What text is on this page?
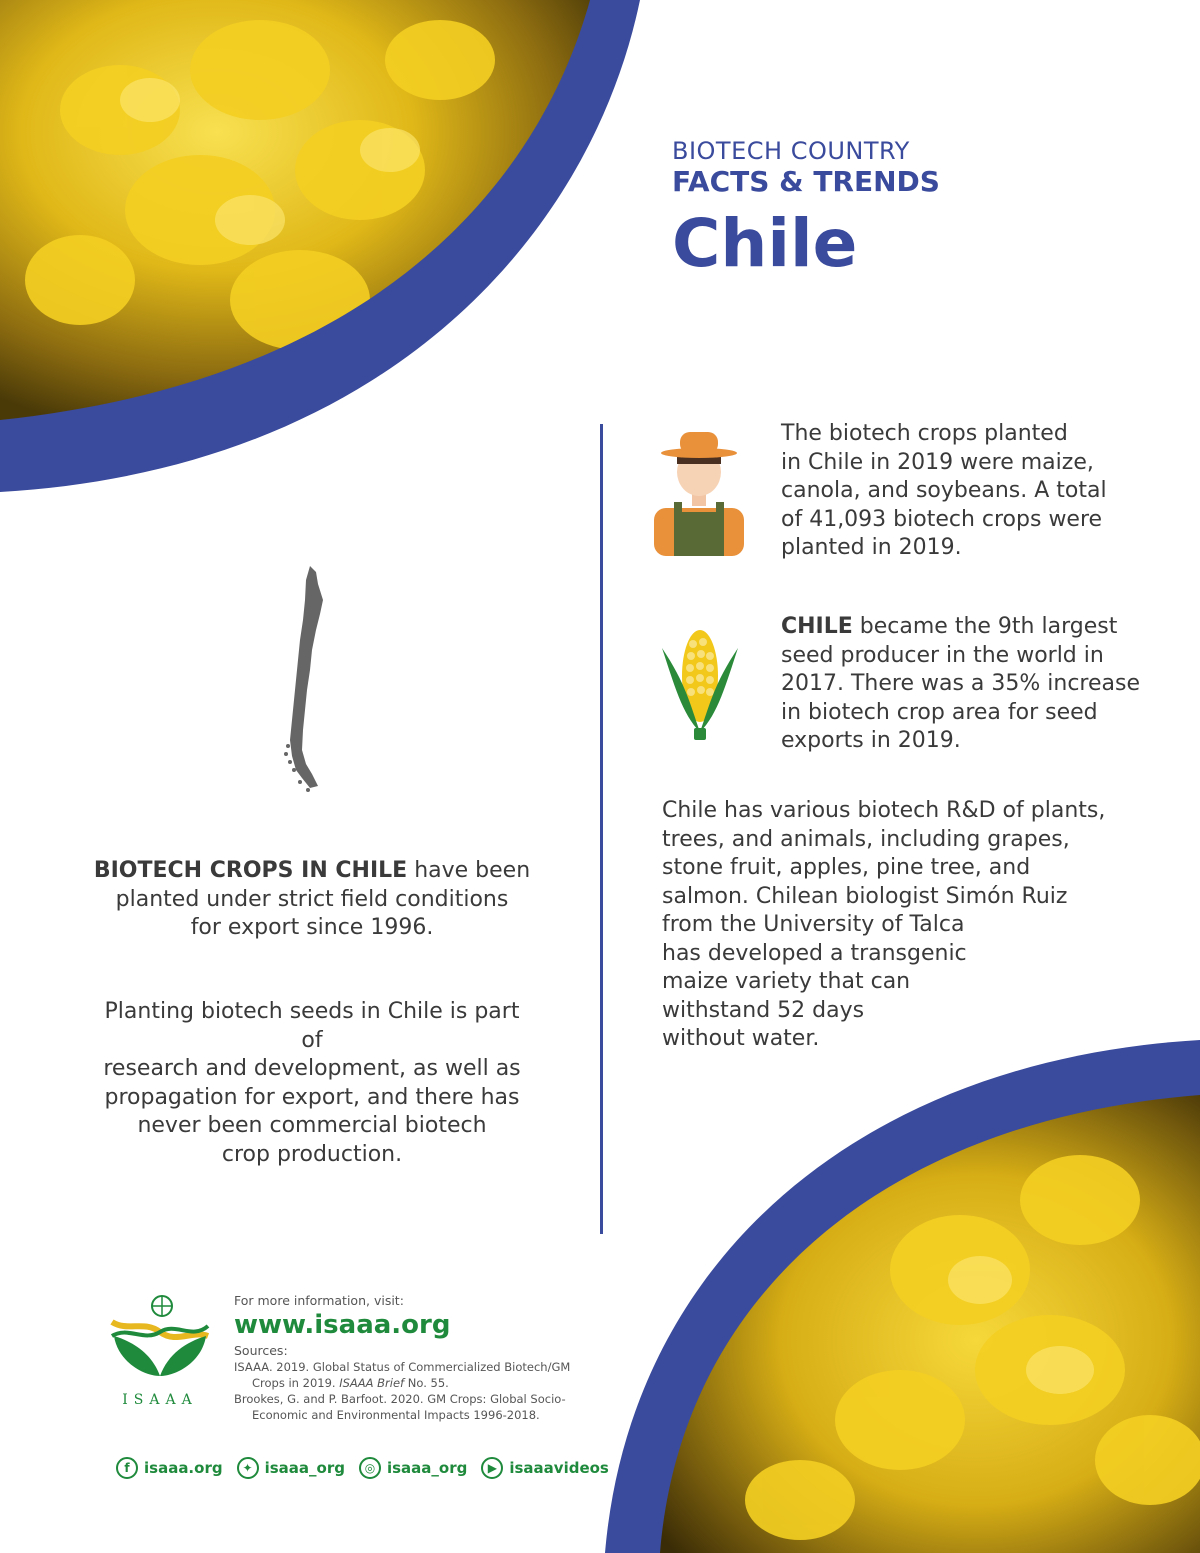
BIOTECH COUNTRY
FACTS & TRENDS
Chile
The biotech crops planted
in Chile in 2019 were maize,
canola, and soybeans. A total
of 41,093 biotech crops were
planted in 2019.
CHILE became the 9th largest
seed producer in the world in
2017. There was a 35% increase
in biotech crop area for seed
exports in 2019.
Chile has various biotech R&D of plants,
trees, and animals, including grapes,
stone fruit, apples, pine tree, and
salmon. Chilean biologist Simón Ruiz
from the University of Talca
has developed a transgenic
maize variety that can
withstand 52 days
without water.
BIOTECH CROPS IN CHILE have been
planted under strict field conditions
for export since 1996.
Planting biotech seeds in Chile is part of
research and development, as well as
propagation for export, and there has
never been commercial biotech
crop production.
ISAAA
For more information, visit:
www.isaaa.org
Sources:
ISAAA. 2019. Global Status of Commercialized Biotech/GM
Crops in 2019. ISAAA Brief No. 55.
Brookes, G. and P. Barfoot. 2020. GM Crops: Global Socio-
Economic and Environmental Impacts 1996-2018.
f isaaa.org	✦ isaaa_org	◎ isaaa_org	▶ isaaavideos
